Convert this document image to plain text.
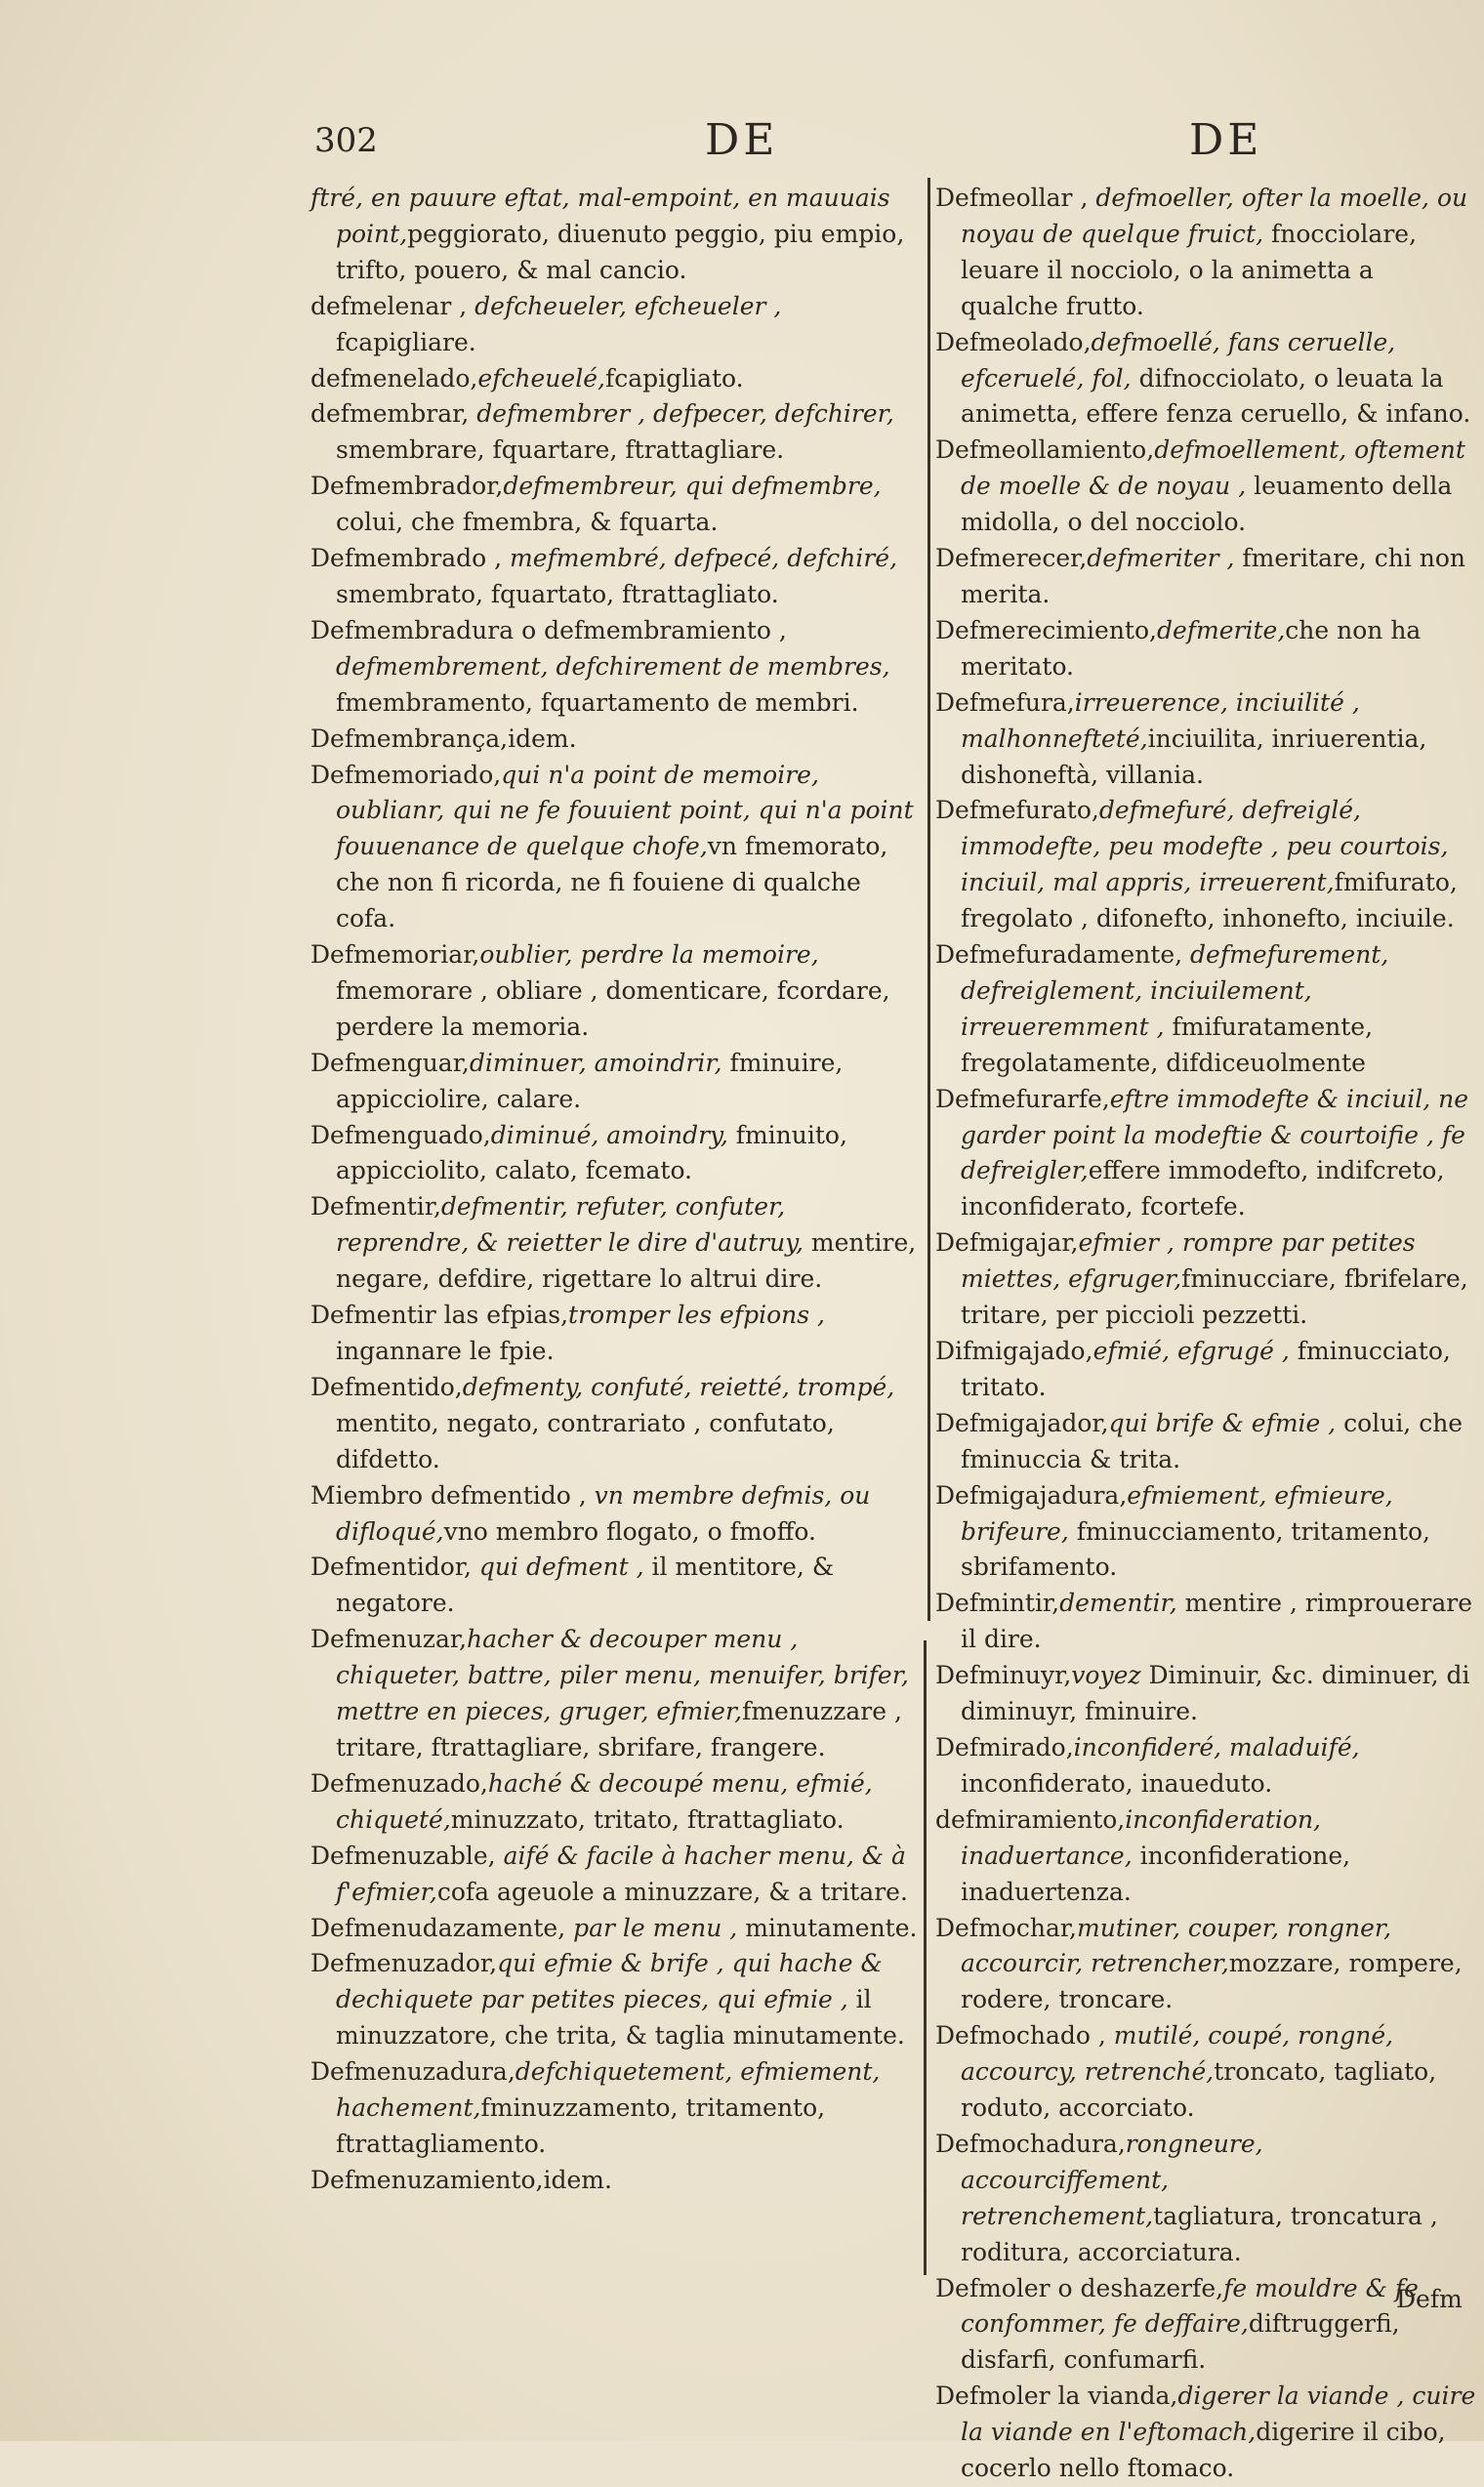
302	DE	DE

ftré, en pauure eftat, mal-empoint, en mauuais point,peggiorato, diuenuto peggio, piu empio, trifto, pouero, & mal cancio.

defmelenar , defcheueler, efcheueler , fcapigliare.

defmenelado,efcheuelé,fcapigliato.

defmembrar, defmembrer , defpecer, defchirer, smembrare, fquartare, ftrattagliare.

Defmembrador,defmembreur, qui defmembre, colui, che fmembra, & fquarta.

Defmembrado , mefmembré, defpecé, defchiré, smembrato, fquartato, ftrattagliato.

Defmembradura o defmembramiento , defmembrement, defchirement de membres, fmembramento, fquartamento de membri.

Defmembrança,idem.

Defmemoriado,qui n'a point de memoire, oublianr, qui ne fe fouuient point, qui n'a point fouuenance de quelque chofe,vn fmemorato, che non fi ricorda, ne fi fouiene di qualche cofa.

Defmemoriar,oublier, perdre la memoire, fmemorare , obliare , domenticare, fcordare, perdere la memoria.

Defmenguar,diminuer, amoindrir, fminuire, appicciolire, calare.

Defmenguado,diminué, amoindry, fminuito, appicciolito, calato, fcemato.

Defmentir,defmentir, refuter, confuter, reprendre, & reietter le dire d'autruy, mentire, negare, defdire, rigettare lo altrui dire.

Defmentir las efpias,tromper les efpions , ingannare le fpie.

Defmentido,defmenty, confuté, reietté, trompé, mentito, negato, contrariato , confutato, difdetto.

Miembro defmentido , vn membre defmis, ou difloqué,vno membro flogato, o fmoffo.

Defmentidor, qui defment , il mentitore, & negatore.

Defmenuzar,hacher & decouper menu , chiqueter, battre, piler menu, menuifer, brifer, mettre en pieces, gruger, efmier,fmenuzzare , tritare, ftrattagliare, sbrifare, frangere.

Defmenuzado,haché & decoupé menu, efmié, chiqueté,minuzzato, tritato, ftrattagliato.

Defmenuzable, aifé & facile à hacher menu, & à f'efmier,cofa ageuole a minuzzare, & a tritare.

Defmenudazamente, par le menu , minutamente.

Defmenuzador,qui efmie & brife , qui hache & dechiquete par petites pieces, qui efmie , il minuzzatore, che trita, & taglia minutamente.

Defmenuzadura,defchiquetement, efmiement, hachement,fminuzzamento, tritamento, ftrattagliamento.

Defmenuzamiento,idem.

Defmeollar , defmoeller, ofter la moelle, ou noyau de quelque fruict, fnocciolare, leuare il nocciolo, o la animetta a qualche frutto.

Defmeolado,defmoellé, fans ceruelle, efceruelé, fol, difnocciolato, o leuata la animetta, effere fenza ceruello, & infano.

Defmeollamiento,defmoellement, oftement de moelle & de noyau , leuamento della midolla, o del nocciolo.

Defmerecer,defmeriter , fmeritare, chi non merita.

Defmerecimiento,defmerite,che non ha meritato.

Defmefura,irreuerence, inciuilité , malhonnefteté,inciuilita, inriuerentia, dishoneftà, villania.

Defmefurato,defmefuré, defreiglé, immodefte, peu modefte , peu courtois, inciuil, mal appris, irreuerent,fmifurato, fregolato , difonefto, inhonefto, inciuile.

Defmefuradamente, defmefurement, defreiglement, inciuilement, irreueremment , fmifuratamente, fregolatamente, difdiceuolmente

Defmefurarfe,eftre immodefte & inciuil, ne garder point la modeftie & courtoifie , fe defreigler,effere immodefto, indifcreto, inconfiderato, fcortefe.

Defmigajar,efmier , rompre par petites miettes, efgruger,fminucciare, fbrifelare, tritare, per piccioli pezzetti.

Difmigajado,efmié, efgrugé , fminucciato, tritato.

Defmigajador,qui brife & efmie , colui, che fminuccia & trita.

Defmigajadura,efmiement, efmieure, brifeure, fminucciamento, tritamento, sbrifamento.

Defmintir,dementir, mentire , rimprouerare il dire.

Defminuyr,voyez Diminuir, &c. diminuer, di diminuyr, fminuire.

Defmirado,inconfideré, maladuifé, inconfiderato, inaueduto.

defmiramiento,inconfideration, inaduertance, inconfideratione, inaduertenza.

Defmochar,mutiner, couper, rongner, accourcir, retrencher,mozzare, rompere, rodere, troncare.

Defmochado , mutilé, coupé, rongné, accourcy, retrenché,troncato, tagliato, roduto, accorciato.

Defmochadura,rongneure, accourciffement, retrenchement,tagliatura, troncatura , roditura, accorciatura.

Defmoler o deshazerfe,fe mouldre & fe confommer, fe deffaire,diftruggerfi, disfarfi, confumarfi.

Defmoler la vianda,digerer la viande , cuire la viande en l'eftomach,digerire il cibo, cocerlo nello ftomaco.

Defm
